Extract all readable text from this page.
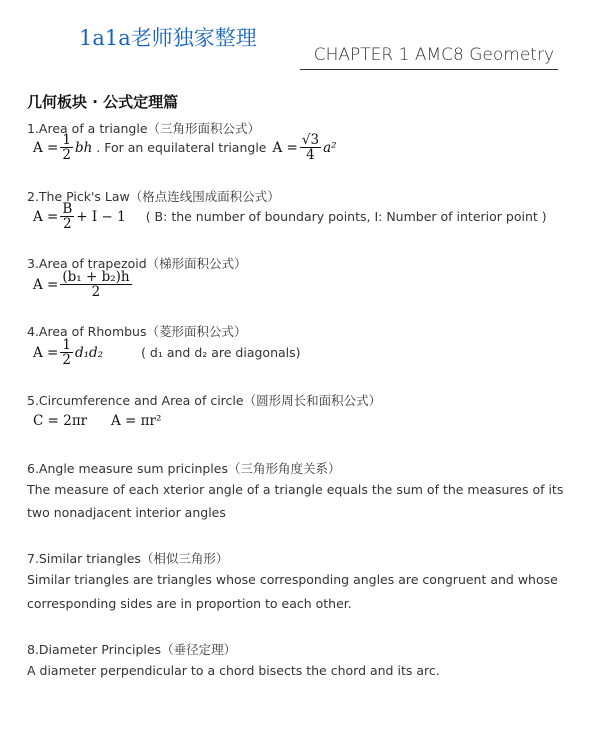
1a1a老师独家整理
CHAPTER 1 AMC8 Geometry
几何板块 · 公式定理篇
1.Area of a triangle（三角形面积公式）
$A = \frac{1}{2}$ bh . For an equilateral triangle $A = \frac{√3}{4} a^2$
2.The Pick's Law（格点连线围成面积公式）
$A = \frac{B}{2} + I - 1$ ( B: the number of boundary points, I: Number of interior point )
3.Area of trapezoid（梯形面积公式）
$A = \frac{\text{(b₁ + b₂)h}}{2}$
4.Area of Rhombus（菱形面积公式）
$A = \frac{1}{2} d_1d_2$	( d₁ and d₂ are diagonals)
5.Circumference and Area of circle（圆形周长和面积公式）
C = 2πr A = πr²
6.Angle measure sum pricinples（三角形角度关系）
The measure of each xterior angle of a triangle equals the sum of the measures of its
two nonadjacent interior angles
7.Similar triangles（相似三角形）
Similar triangles are triangles whose corresponding angles are congruent and whose
corresponding sides are in proportion to each other.
8.Diameter Principles（垂径定理）
A diameter perpendicular to a chord bisects the chord and its arc.
